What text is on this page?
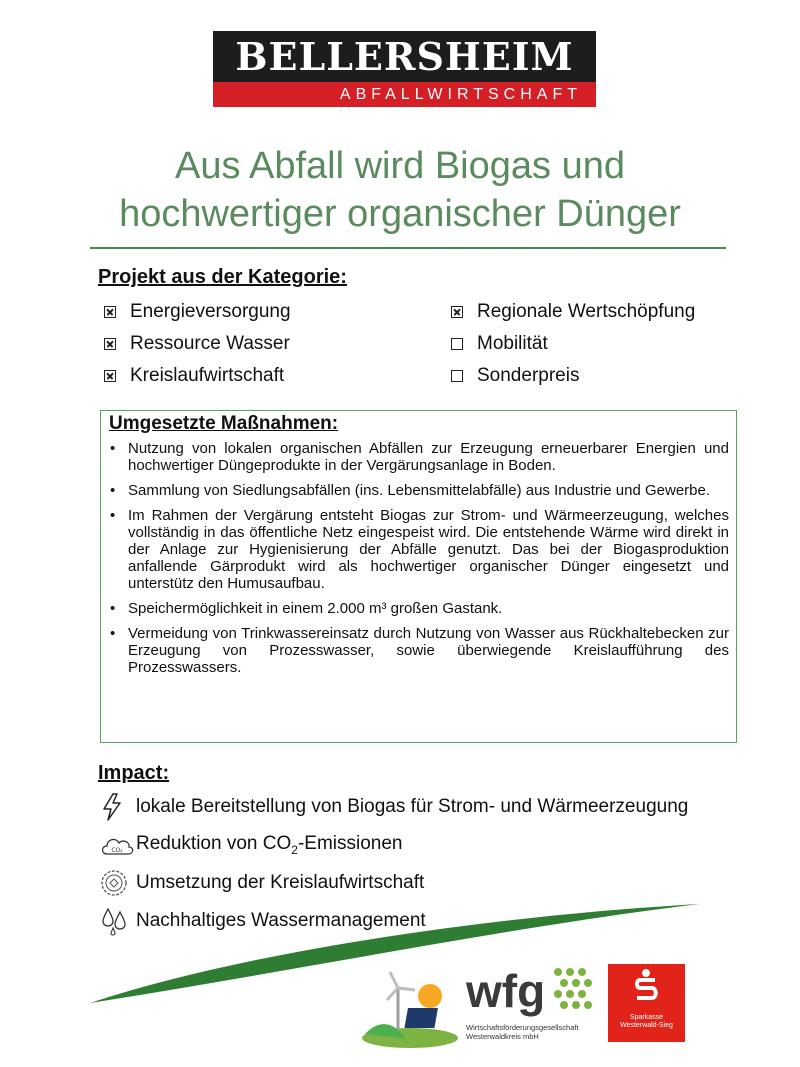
BELLERSHEIM
ABFALLWIRTSCHAFT
Aus Abfall wird Biogas und
hochwertiger organischer Dünger
Projekt aus der Kategorie:
Energieversorgung
Ressource Wasser
Kreislaufwirtschaft
Regionale Wertschöpfung
Mobilität
Sonderpreis
Umgesetzte Maßnahmen:
• Nutzung von lokalen organischen Abfällen zur Erzeugung erneuerbarer Energien und hochwertiger Düngeprodukte in der Vergärungsanlage in Boden.
• Sammlung von Siedlungsabfällen (ins. Lebensmittelabfälle) aus Industrie und Gewerbe.
• Im Rahmen der Vergärung entsteht Biogas zur Strom- und Wärmeerzeugung, welches vollständig in das öffentliche Netz eingespeist wird. Die entstehende Wärme wird direkt in der Anlage zur Hygienisierung der Abfälle genutzt. Das bei der Biogasproduktion anfallende Gärprodukt wird als hochwertiger organischer Dünger eingesetzt und unterstütz den Humusaufbau.
• Speichermöglichkeit in einem 2.000 m³ großen Gastank.
• Vermeidung von Trinkwassereinsatz durch Nutzung von Wasser aus Rückhaltebecken zur Erzeugung von Prozesswasser, sowie überwiegende Kreislaufführung des Prozesswassers.
Impact:
lokale Bereitstellung von Biogas für Strom- und Wärmeerzeugung
CO₂ Reduktion von $CO_2$-Emissionen
Umsetzung der Kreislaufwirtschaft
Nachhaltiges Wassermanagement
wfg
Wirtschaftsförderungsgesellschaft
Westerwaldkreis mbH
Sparkasse
Westerwald-Sieg
